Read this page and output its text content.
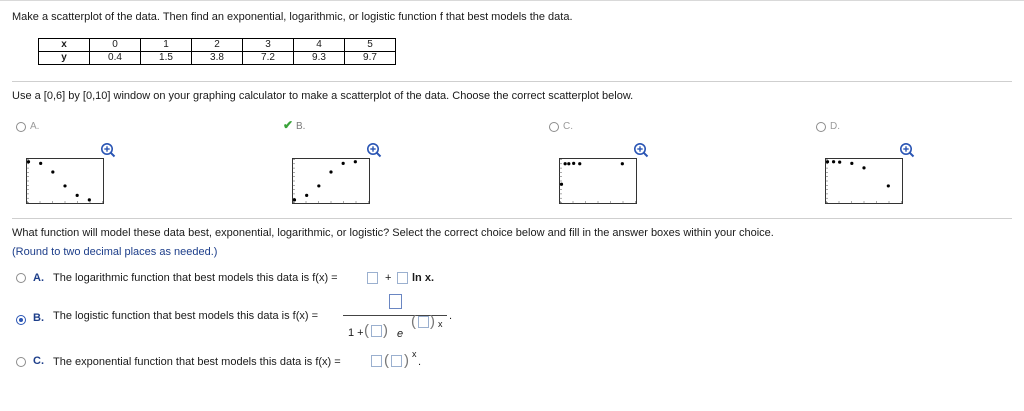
Make a scatterplot of the data. Then find an exponential, logarithmic, or logistic function f that best models the data.
x	0	1	2	3	4	5
y	0.4	1.5	3.8	7.2	9.3	9.7
Use a [0,6] by [0,10] window on your graphing calculator to make a scatterplot of the data. Choose the correct scatterplot below.
A.	✔ B.	C.	D.
What function will model these data best, exponential, logarithmic, or logistic? Select the correct choice below and fill in the answer boxes within your choice.
(Round to two decimal places as needed.)
A. The logarithmic function that best models this data is f(x) =	+ ln x.
B. The logistic function that best models this data is f(x) =	.
1 + ( ) e
( ) x
C. The exponential function that best models this data is f(x) =	( ) x
.
